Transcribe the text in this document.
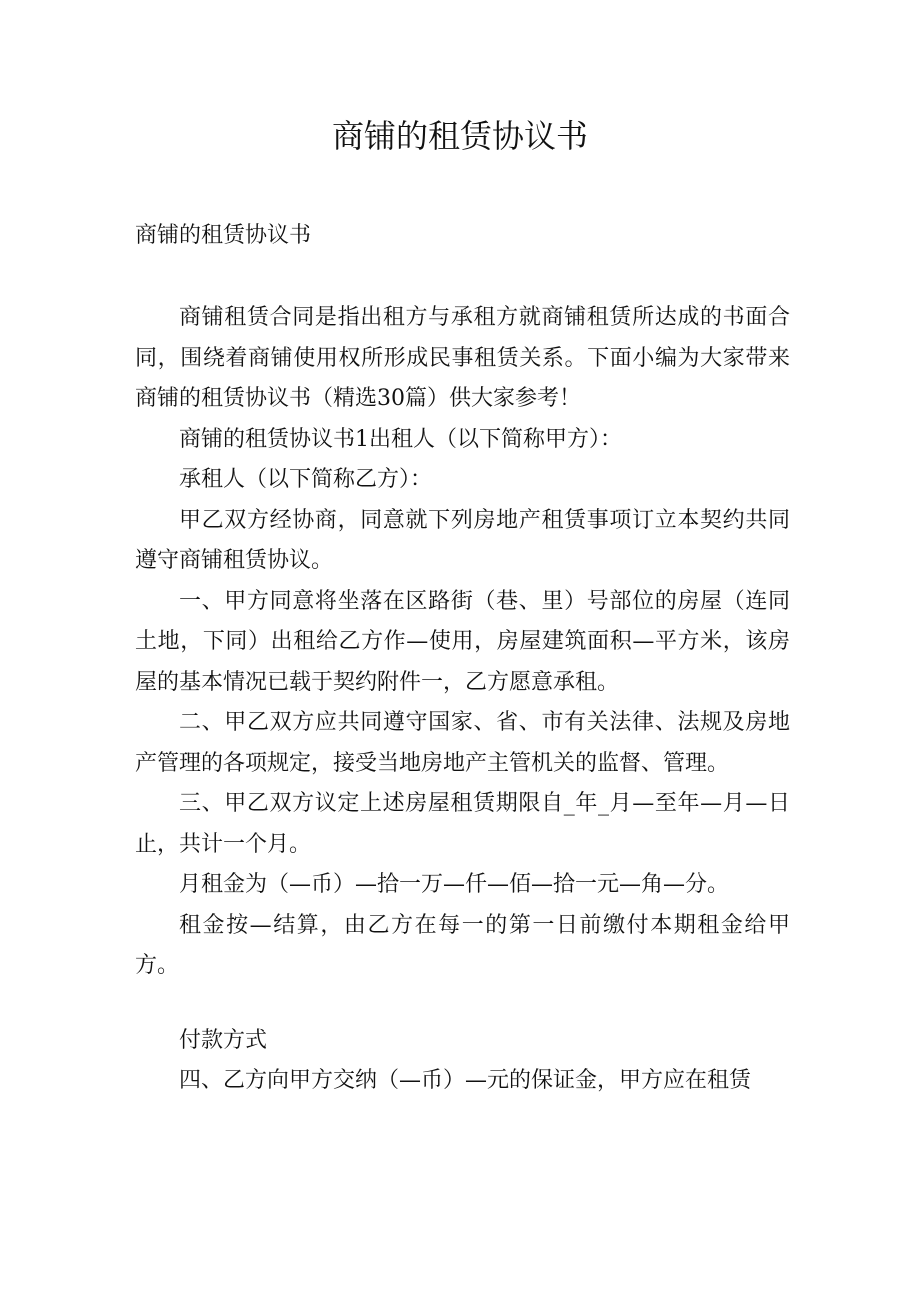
商铺的租赁协议书

商铺的租赁协议书

商铺租赁合同是指出租方与承租方就商铺租赁所达成的书面合同，围绕着商铺使用权所形成民事租赁关系。下面小编为大家带来商铺的租赁协议书（精选30篇）供大家参考！

商铺的租赁协议书1出租人（以下简称甲方）：

承租人（以下简称乙方）：

甲乙双方经协商，同意就下列房地产租赁事项订立本契约共同遵守商铺租赁协议。

一、甲方同意将坐落在区路街（巷、里）号部位的房屋（连同土地，下同）出租给乙方作—使用，房屋建筑面积—平方米，该房屋的基本情况已载于契约附件一，乙方愿意承租。

二、甲乙双方应共同遵守国家、省、市有关法律、法规及房地产管理的各项规定，接受当地房地产主管机关的监督、管理。

三、甲乙双方议定上述房屋租赁期限自_年_月—至年—月—日止，共计一个月。

月租金为（—币）—拾一万—仟—佰—拾一元—角—分。

租金按—结算，由乙方在每一的第一日前缴付本期租金给甲方。

付款方式

四、乙方向甲方交纳（—币）—元的保证金，甲方应在租赁
